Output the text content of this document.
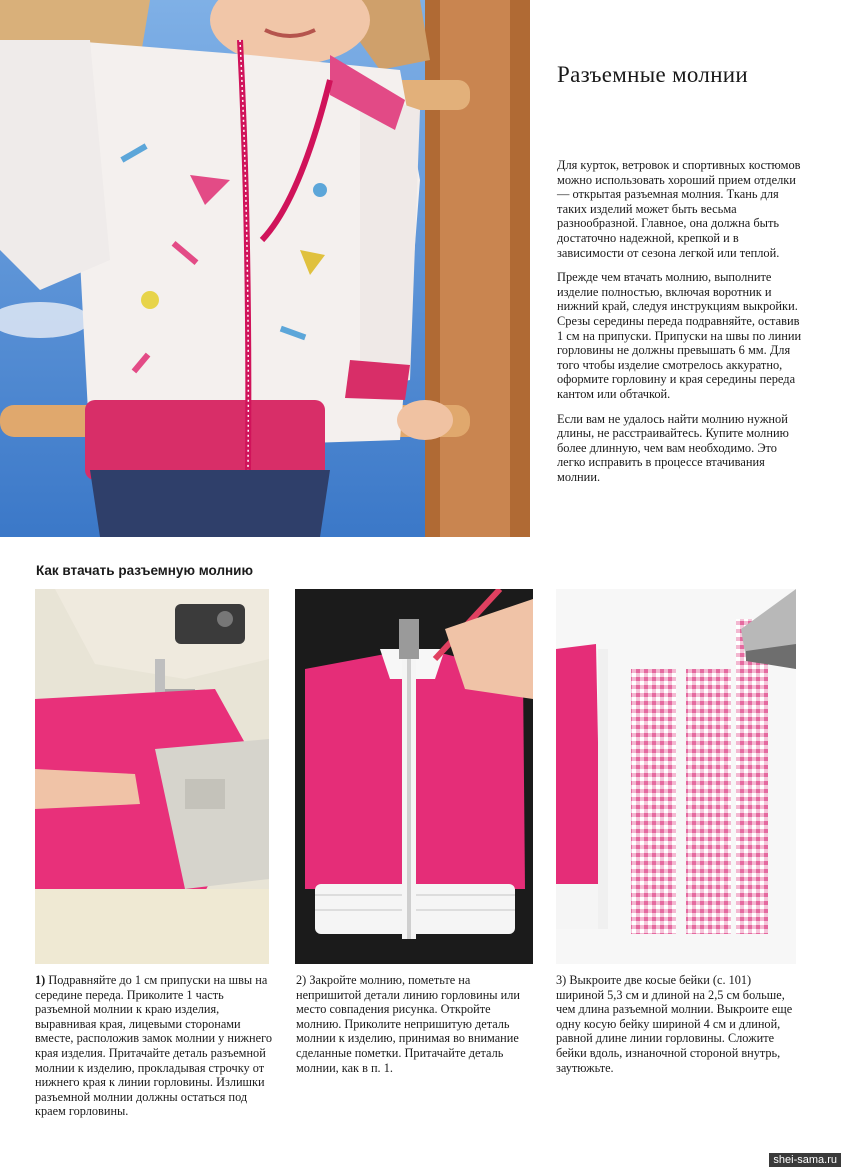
Разъемные молнии

Для курток, ветровок и спортивных костюмов можно использовать хороший прием отделки — открытая разъемная молния. Ткань для таких изделий может быть весьма разнообразной. Главное, она должна быть достаточно надежной, крепкой и в зависимости от сезона легкой или теплой.

Прежде чем втачать молнию, выполните изделие полностью, включая воротник и нижний край, следуя инструкциям выкройки. Срезы середины переда подравняйте, оставив 1 см на припуски. Припуски на швы по линии горловины не должны превышать 6 мм. Для того чтобы изделие смотрелось аккуратно, оформите горловину и края середины переда кантом или обтачкой.

Если вам не удалось найти молнию нужной длины, не расстраивайтесь. Купите молнию более длинную, чем вам необходимо. Это легко исправить в процессе втачивания молнии.

Как втачать разъемную молнию
1) Подравняйте до 1 см припуски на швы на середине переда. Приколите 1 часть разъемной молнии к краю изделия, выравнивая края, лицевыми сторонами вместе, расположив замок молнии у нижнего края изделия. Притачайте деталь разъемной молнии к изделию, прокладывая строчку от нижнего края к линии горловины. Излишки разъемной молнии должны остаться под краем горловины.
2) Закройте молнию, пометьте на непришитой детали линию горловины или место совпадения рисунка. Откройте молнию. Приколите непришитую деталь молнии к изделию, принимая во внимание сделанные пометки. Притачайте деталь молнии, как в п. 1.
3) Выкроите две косые бейки (с. 101) шириной 5,3 см и длиной на 2,5 см больше, чем длина разъемной молнии. Выкроите еще одну косую бейку шириной 4 см и длиной, равной длине линии горловины. Сложите бейки вдоль, изнаночной стороной внутрь, заутюжьте.
shei-sama.ru
